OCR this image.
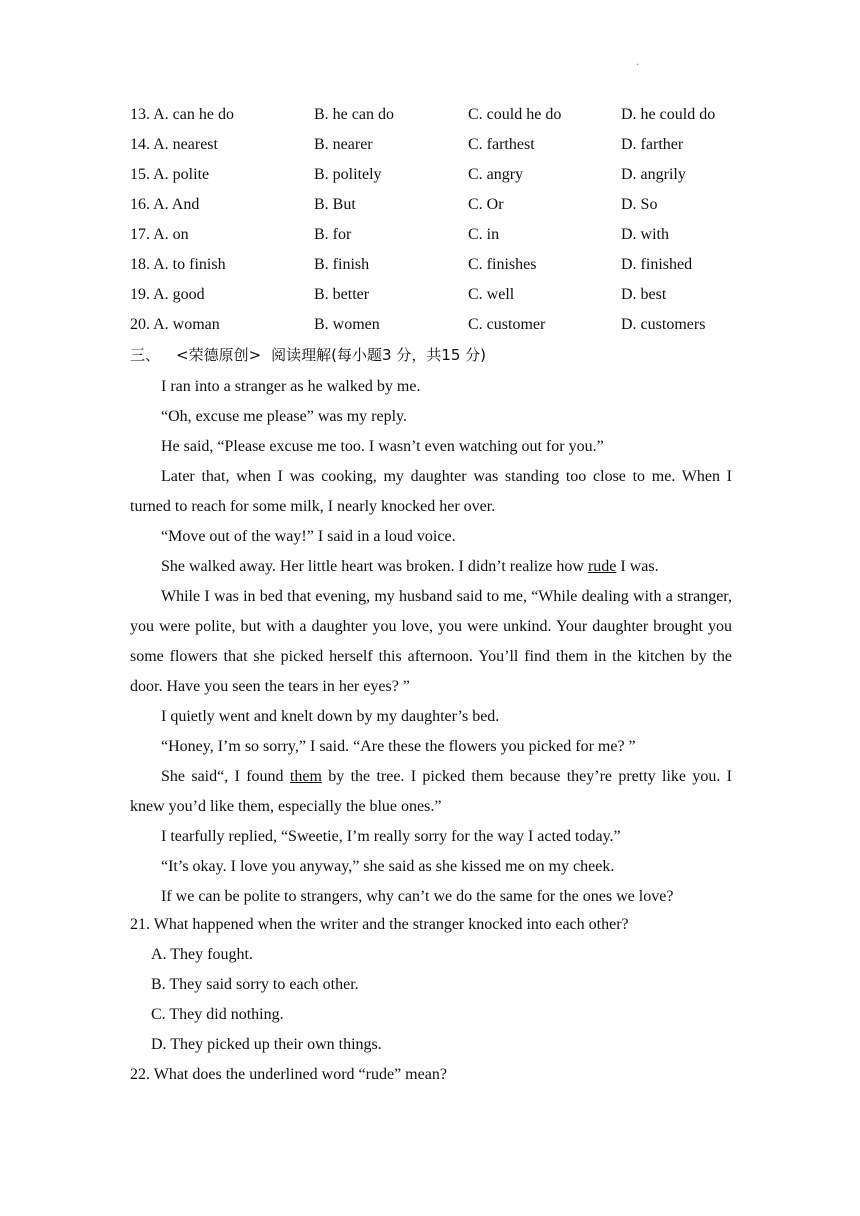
.
13. A. can he do	B. he can do	C. could he do	D. he could do
14. A. nearest	B. nearer	C. farthest	D. farther
15. A. polite	B. politely	C. angry	D. angrily
16. A. And	B. But	C. Or	D. So
17. A. on	B. for	C. in	D. with
18. A. to finish	B. finish	C. finishes	D. finished
19. A. good	B. better	C. well	D. best
20. A. woman	B. women	C. customer	D. customers
三、 <荣德原创> 阅读理解(每小题3 分，共15 分)

I ran into a stranger as he walked by me.

“Oh, excuse me please” was my reply.

He said, “Please excuse me too. I wasn’t even watching out for you.”

Later that, when I was cooking, my daughter was standing too close to me. When I turned to reach for some milk, I nearly knocked her over.

“Move out of the way!” I said in a loud voice.

She walked away. Her little heart was broken. I didn’t realize how rude I was.

While I was in bed that evening, my husband said to me, “While dealing with a stranger, you were polite, but with a daughter you love, you were unkind. Your daughter brought you some flowers that she picked herself this afternoon. You’ll find them in the kitchen by the door. Have you seen the tears in her eyes? ”

I quietly went and knelt down by my daughter’s bed.

“Honey, I’m so sorry,” I said. “Are these the flowers you picked for me? ”

She said“, I found them by the tree. I picked them because they’re pretty like you. I knew you’d like them, especially the blue ones.”

I tearfully replied, “Sweetie, I’m really sorry for the way I acted today.”

“It’s okay. I love you anyway,” she said as she kissed me on my cheek.

If we can be polite to strangers, why can’t we do the same for the ones we love?

21. What happened when the writer and the stranger knocked into each other?

A. They fought.

B. They said sorry to each other.

C. They did nothing.

D. They picked up their own things.

22. What does the underlined word “rude” mean?
